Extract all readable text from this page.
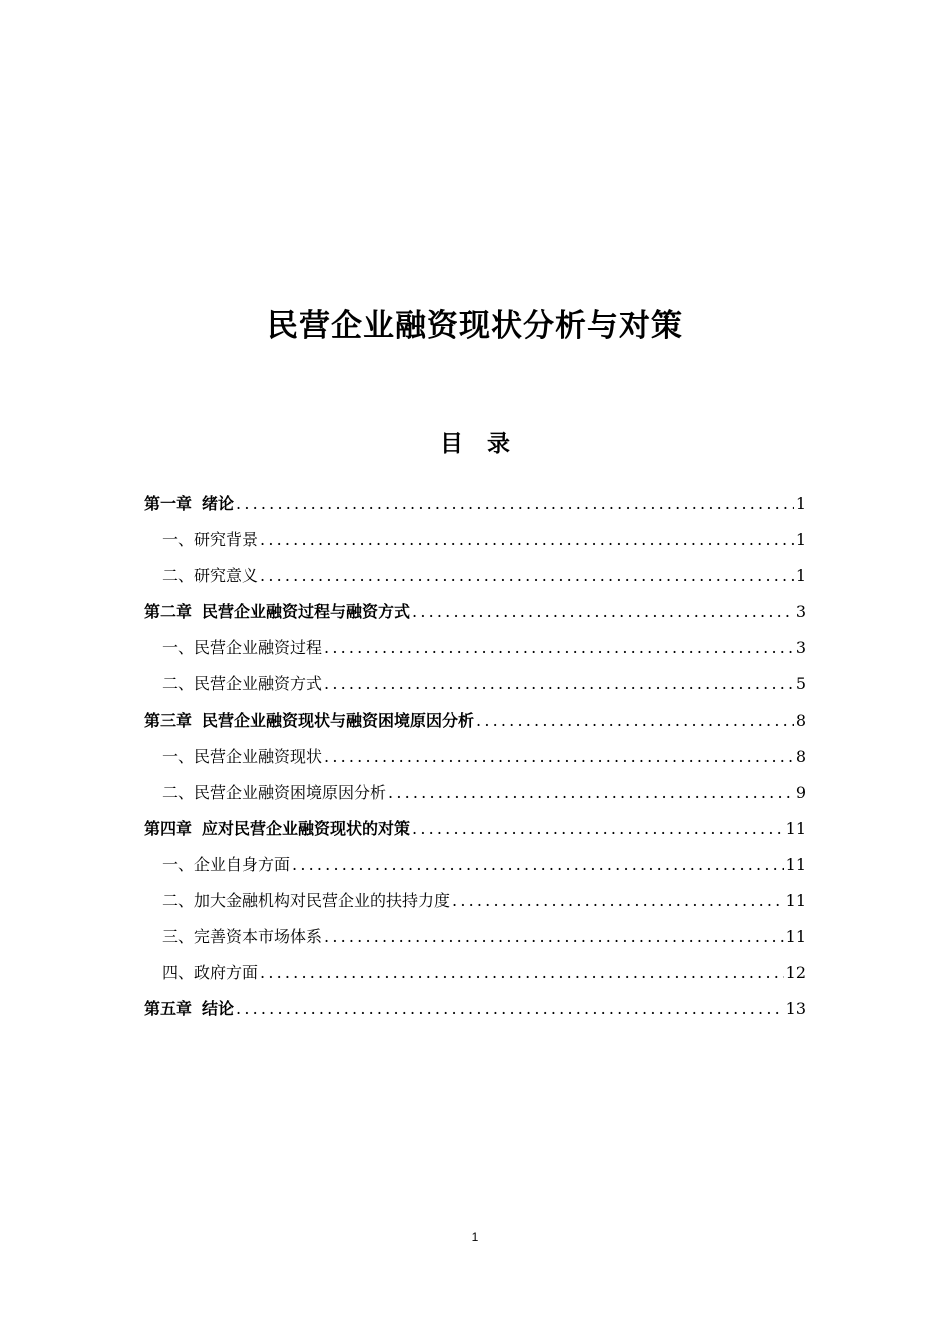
民营企业融资现状分析与对策
目录
第一章 绪论 .....	1
一、研究背景 .....	1
二、研究意义 .....	1
第二章 民营企业融资过程与融资方式 .....	3
一、民营企业融资过程 .....	3
二、民营企业融资方式 .....	5
第三章 民营企业融资现状与融资困境原因分析 .....	8
一、民营企业融资现状 .....	8
二、民营企业融资困境原因分析 .....	9
第四章 应对民营企业融资现状的对策 .....	11
一、企业自身方面 .....	11
二、加大金融机构对民营企业的扶持力度 .....	11
三、完善资本市场体系 .....	11
四、政府方面 .....	12
第五章 结论 .....	13
1
